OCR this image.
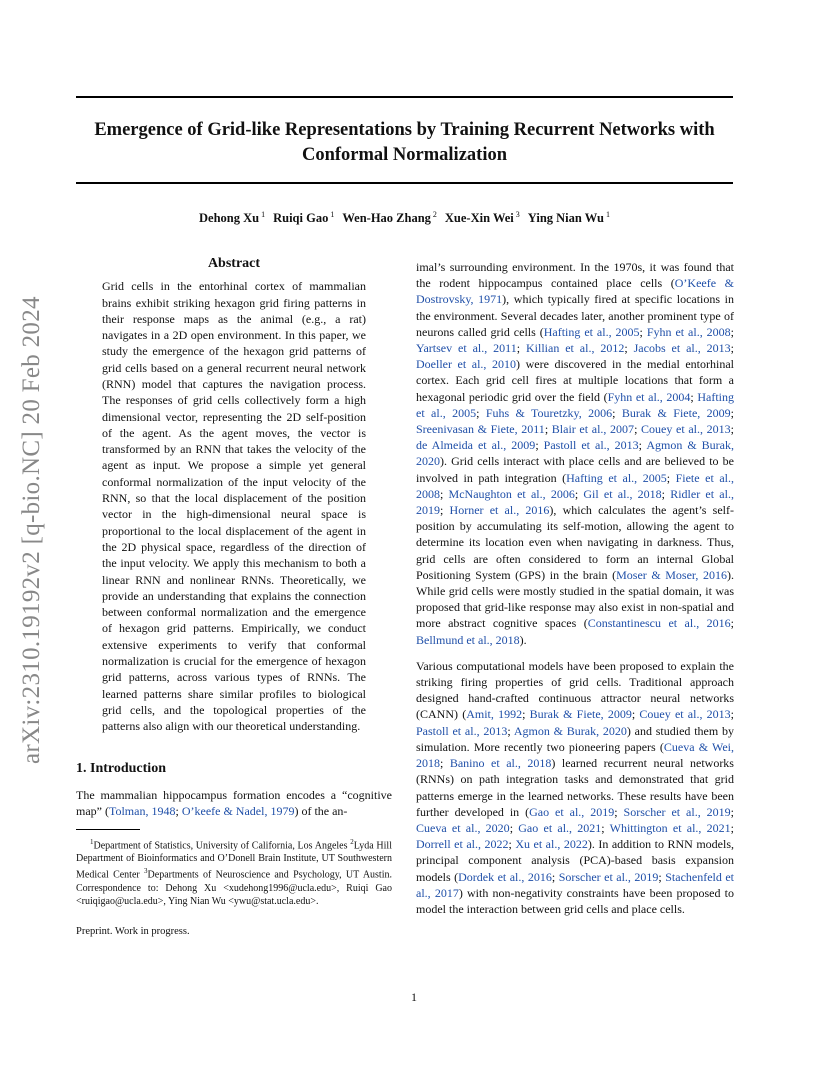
Emergence of Grid-like Representations by Training Recurrent Networks with Conformal Normalization
Dehong Xu $^1$ Ruiqi Gao $^1$ Wen-Hao Zhang $^2$ Xue-Xin Wei $^3$ Ying Nian Wu $^1$
arXiv:2310.19192v2 [q-bio.NC] 20 Feb 2024
Abstract

Grid cells in the entorhinal cortex of mammalian brains exhibit striking hexagon grid firing patterns in their response maps as the animal (e.g., a rat) navigates in a 2D open environment. In this paper, we study the emergence of the hexagon grid patterns of grid cells based on a general recurrent neural network (RNN) model that captures the navigation process. The responses of grid cells collectively form a high dimensional vector, representing the 2D self-position of the agent. As the agent moves, the vector is transformed by an RNN that takes the velocity of the agent as input. We propose a simple yet general conformal normalization of the input velocity of the RNN, so that the local displacement of the position vector in the high-dimensional neural space is proportional to the local displacement of the agent in the 2D physical space, regardless of the direction of the input velocity. We apply this mechanism to both a linear RNN and nonlinear RNNs. Theoretically, we provide an understanding that explains the connection between conformal normalization and the emergence of hexagon grid patterns. Empirically, we conduct extensive experiments to verify that conformal normalization is crucial for the emergence of hexagon grid patterns, across various types of RNNs. The learned patterns share similar profiles to biological grid cells, and the topological properties of the patterns also align with our theoretical understanding.

1. Introduction

The mammalian hippocampus formation encodes a “cognitive map” (Tolman, 1948; O’keefe & Nadel, 1979) of the an-

$^1$Department of Statistics, University of California, Los Angeles $^2$Lyda Hill Department of Bioinformatics and O’Donell Brain Institute, UT Southwestern Medical Center $^3$Departments of Neuroscience and Psychology, UT Austin. Correspondence to: Dehong Xu <xudehong1996@ucla.edu>, Ruiqi Gao <ruiqigao@ucla.edu>, Ying Nian Wu <ywu@stat.ucla.edu>.

Preprint. Work in progress.

imal’s surrounding environment. In the 1970s, it was found that the rodent hippocampus contained place cells (O’Keefe & Dostrovsky, 1971), which typically fired at specific locations in the environment. Several decades later, another prominent type of neurons called grid cells (Hafting et al., 2005; Fyhn et al., 2008; Yartsev et al., 2011; Killian et al., 2012; Jacobs et al., 2013; Doeller et al., 2010) were discovered in the medial entorhinal cortex. Each grid cell fires at multiple locations that form a hexagonal periodic grid over the field (Fyhn et al., 2004; Hafting et al., 2005; Fuhs & Touretzky, 2006; Burak & Fiete, 2009; Sreenivasan & Fiete, 2011; Blair et al., 2007; Couey et al., 2013; de Almeida et al., 2009; Pastoll et al., 2013; Agmon & Burak, 2020). Grid cells interact with place cells and are believed to be involved in path integration (Hafting et al., 2005; Fiete et al., 2008; McNaughton et al., 2006; Gil et al., 2018; Ridler et al., 2019; Horner et al., 2016), which calculates the agent’s self-position by accumulating its self-motion, allowing the agent to determine its location even when navigating in darkness. Thus, grid cells are often considered to form an internal Global Positioning System (GPS) in the brain (Moser & Moser, 2016). While grid cells were mostly studied in the spatial domain, it was proposed that grid-like response may also exist in non-spatial and more abstract cognitive spaces (Constantinescu et al., 2016; Bellmund et al., 2018).

Various computational models have been proposed to explain the striking firing properties of grid cells. Traditional approach designed hand-crafted continuous attractor neural networks (CANN) (Amit, 1992; Burak & Fiete, 2009; Couey et al., 2013; Pastoll et al., 2013; Agmon & Burak, 2020) and studied them by simulation. More recently two pioneering papers (Cueva & Wei, 2018; Banino et al., 2018) learned recurrent neural networks (RNNs) on path integration tasks and demonstrated that grid patterns emerge in the learned networks. These results have been further developed in (Gao et al., 2019; Sorscher et al., 2019; Cueva et al., 2020; Gao et al., 2021; Whittington et al., 2021; Dorrell et al., 2022; Xu et al., 2022). In addition to RNN models, principal component analysis (PCA)-based basis expansion models (Dordek et al., 2016; Sorscher et al., 2019; Stachenfeld et al., 2017) with non-negativity constraints have been proposed to model the interaction between grid cells and place cells.

1
